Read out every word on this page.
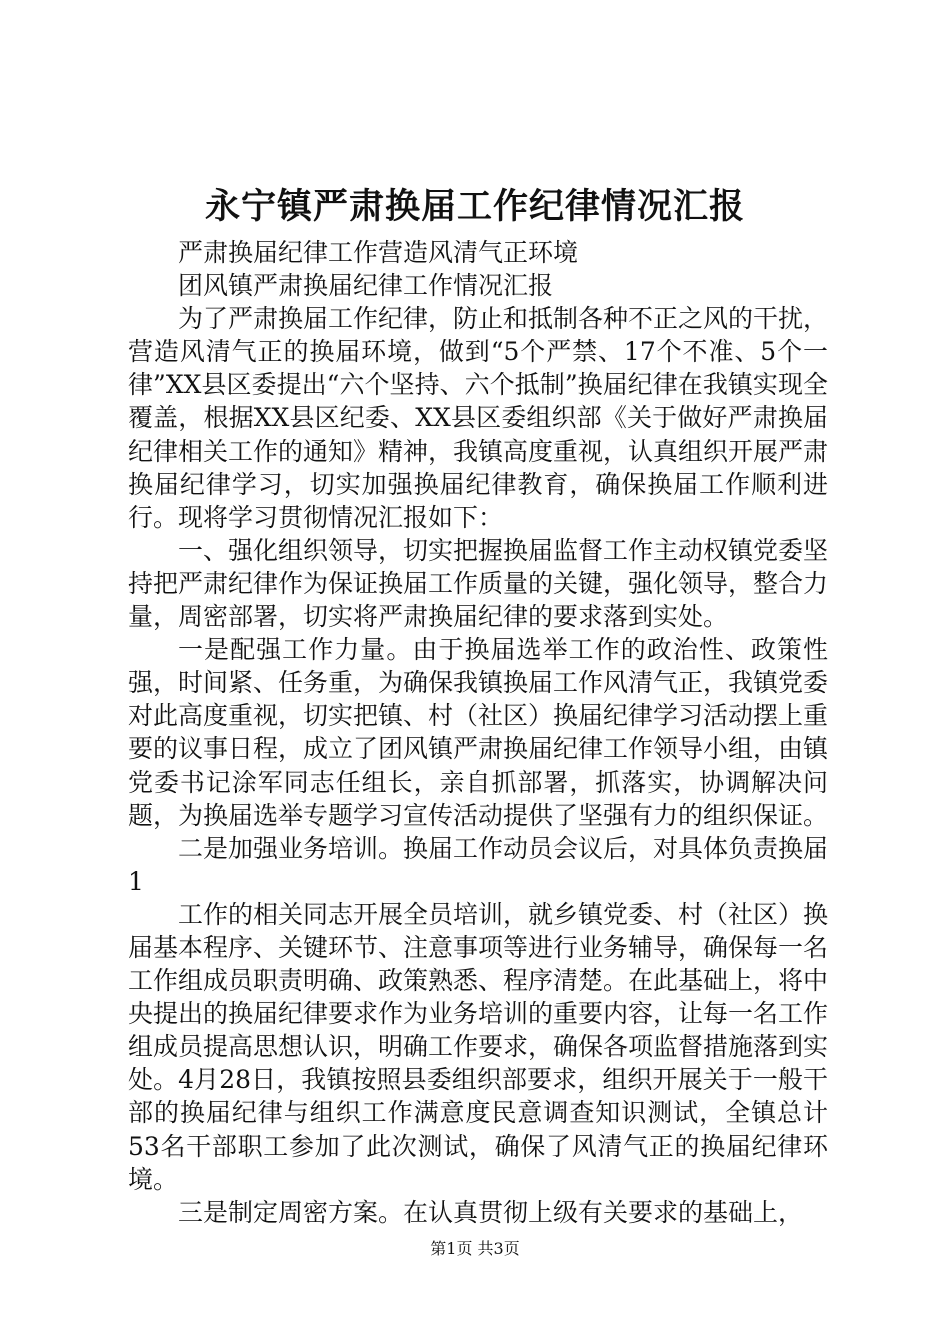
永宁镇严肃换届工作纪律情况汇报

严肃换届纪律工作营造风清气正环境

团风镇严肃换届纪律工作情况汇报

为了严肃换届工作纪律，防止和抵制各种不正之风的干扰，营造风清气正的换届环境，做到“5个严禁、17个不准、5个一律”XX县区委提出“六个坚持、六个抵制”换届纪律在我镇实现全覆盖，根据XX县区纪委、XX县区委组织部《关于做好严肃换届纪律相关工作的通知》精神，我镇高度重视，认真组织开展严肃换届纪律学习，切实加强换届纪律教育，确保换届工作顺利进行。现将学习贯彻情况汇报如下：

一、强化组织领导，切实把握换届监督工作主动权镇党委坚持把严肃纪律作为保证换届工作质量的关键，强化领导，整合力量，周密部署，切实将严肃换届纪律的要求落到实处。

一是配强工作力量。由于换届选举工作的政治性、政策性强，时间紧、任务重，为确保我镇换届工作风清气正，我镇党委对此高度重视，切实把镇、村（社区）换届纪律学习活动摆上重要的议事日程，成立了团风镇严肃换届纪律工作领导小组，由镇党委书记涂军同志任组长，亲自抓部署，抓落实，协调解决问题，为换届选举专题学习宣传活动提供了坚强有力的组织保证。

二是加强业务培训。换届工作动员会议后，对具体负责换届1

工作的相关同志开展全员培训，就乡镇党委、村（社区）换届基本程序、关键环节、注意事项等进行业务辅导，确保每一名工作组成员职责明确、政策熟悉、程序清楚。在此基础上，将中央提出的换届纪律要求作为业务培训的重要内容，让每一名工作组成员提高思想认识，明确工作要求，确保各项监督措施落到实处。4月28日，我镇按照县委组织部要求，组织开展关于一般干部的换届纪律与组织工作满意度民意调查知识测试，全镇总计53名干部职工参加了此次测试，确保了风清气正的换届纪律环境。

三是制定周密方案。在认真贯彻上级有关要求的基础上，

第1页 共3页
